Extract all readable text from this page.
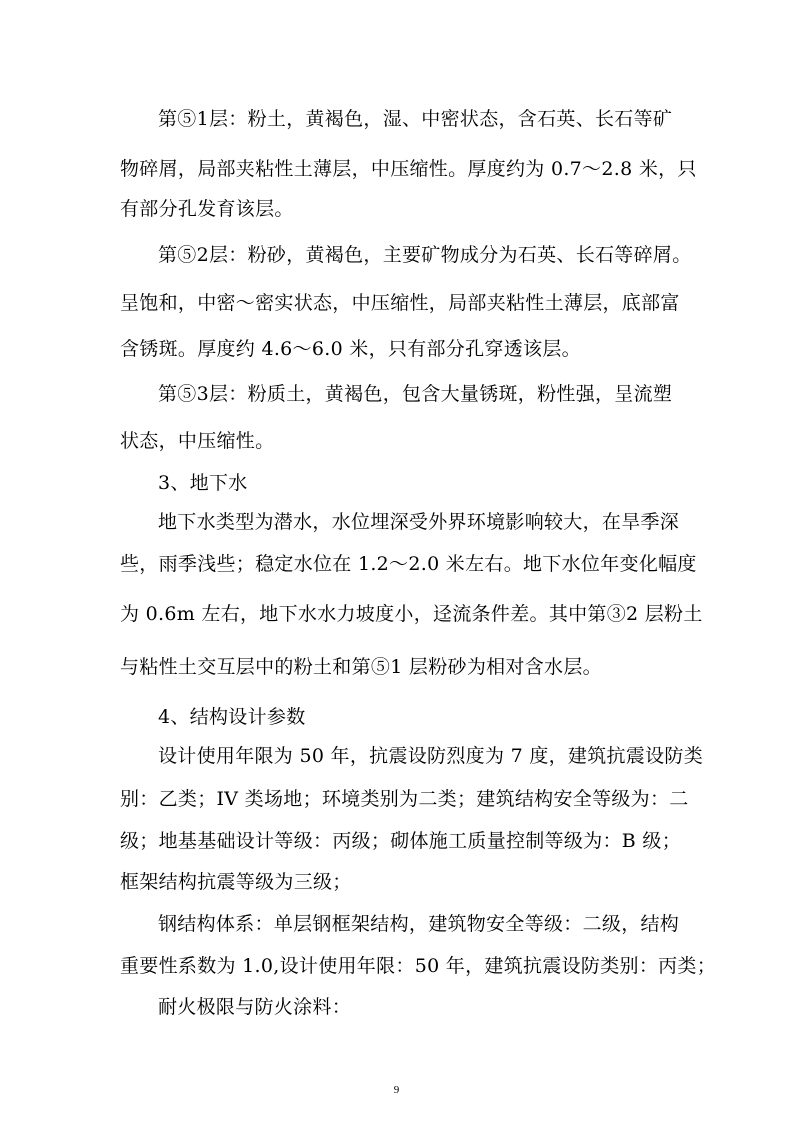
第⑤1层：粉土，黄褐色，湿、中密状态，含石英、长石等矿
物碎屑，局部夹粘性土薄层，中压缩性。厚度约为 0.7～2.8 米，只
有部分孔发育该层。
第⑤2层：粉砂，黄褐色，主要矿物成分为石英、长石等碎屑。
呈饱和，中密～密实状态，中压缩性，局部夹粘性土薄层，底部富
含锈斑。厚度约 4.6～6.0 米，只有部分孔穿透该层。
第⑤3层：粉质土，黄褐色，包含大量锈斑，粉性强，呈流塑
状态，中压缩性。
3、地下水
地下水类型为潜水，水位埋深受外界环境影响较大，在旱季深
些，雨季浅些；稳定水位在 1.2～2.0 米左右。地下水位年变化幅度
为 0.6m 左右，地下水水力坡度小，迳流条件差。其中第③2 层粉土
与粘性土交互层中的粉土和第⑤1 层粉砂为相对含水层。
4、结构设计参数
设计使用年限为 50 年，抗震设防烈度为 7 度，建筑抗震设防类
别：乙类；IV 类场地；环境类别为二类；建筑结构安全等级为：二
级；地基基础设计等级：丙级；砌体施工质量控制等级为：B 级；
框架结构抗震等级为三级；
钢结构体系：单层钢框架结构，建筑物安全等级：二级，结构
重要性系数为 1.0,设计使用年限：50 年，建筑抗震设防类别：丙类；
耐火极限与防火涂料：
9
